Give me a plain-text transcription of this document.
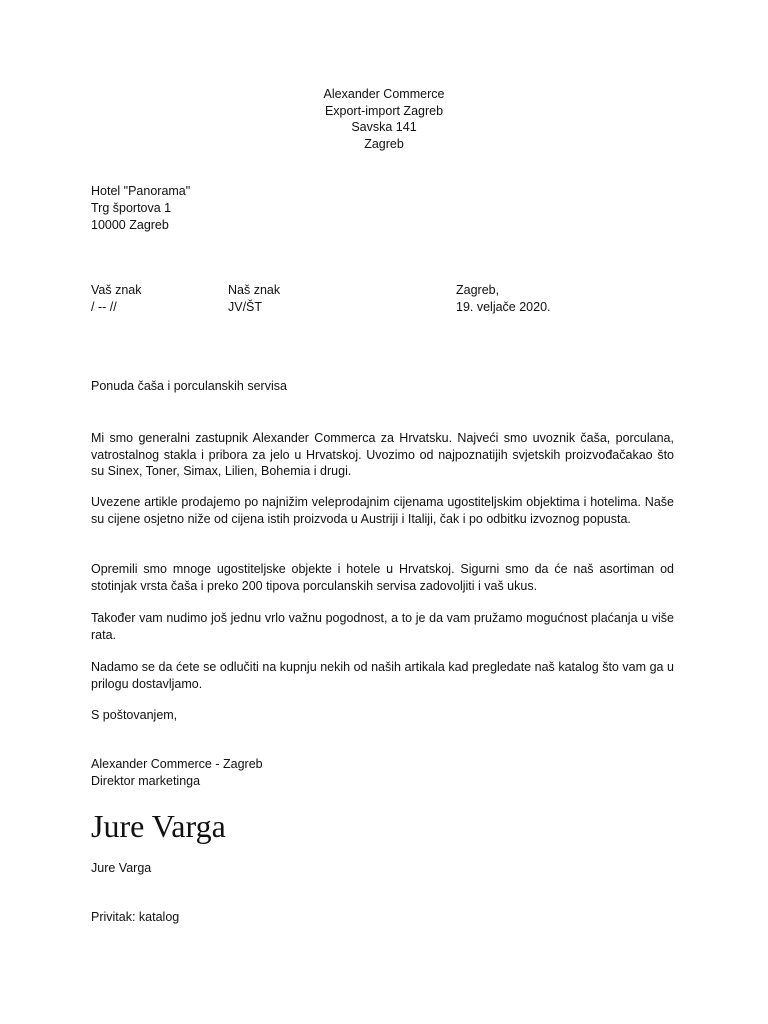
Alexander Commerce
Export-import Zagreb
Savska 141
Zagreb
Hotel "Panorama"
Trg športova 1
10000 Zagreb
Vaš znak
/ -- //
Naš znak
JV/ŠT
Zagreb,
19. veljače 2020.
Ponuda čaša i porculanskih servisa
Mi smo generalni zastupnik Alexander Commerca za Hrvatsku. Najveći smo uvoznik čaša, porculana, vatrostalnog stakla i pribora za jelo u Hrvatskoj. Uvozimo od najpoznatijih svjetskih proizvođačakao što su Sinex, Toner, Simax, Lilien, Bohemia i drugi.
Uvezene artikle prodajemo po najnižim veleprodajnim cijenama ugostiteljskim objektima i hotelima. Naše su cijene osjetno niže od cijena istih proizvoda u Austriji i Italiji, čak i po odbitku izvoznog popusta.
Opremili smo mnoge ugostiteljske objekte i hotele u Hrvatskoj. Sigurni smo da će naš asortiman od stotinjak vrsta čaša i preko 200 tipova porculanskih servisa zadovoljiti i vaš ukus.
Također vam nudimo još jednu vrlo važnu pogodnost, a to je da vam pružamo mogućnost plaćanja u više rata.
Nadamo se da ćete se odlučiti na kupnju nekih od naših artikala kad pregledate naš katalog što vam ga u prilogu dostavljamo.
S poštovanjem,
Alexander Commerce - Zagreb
Direktor marketinga
Jure Varga
Jure Varga
Privitak: katalog
